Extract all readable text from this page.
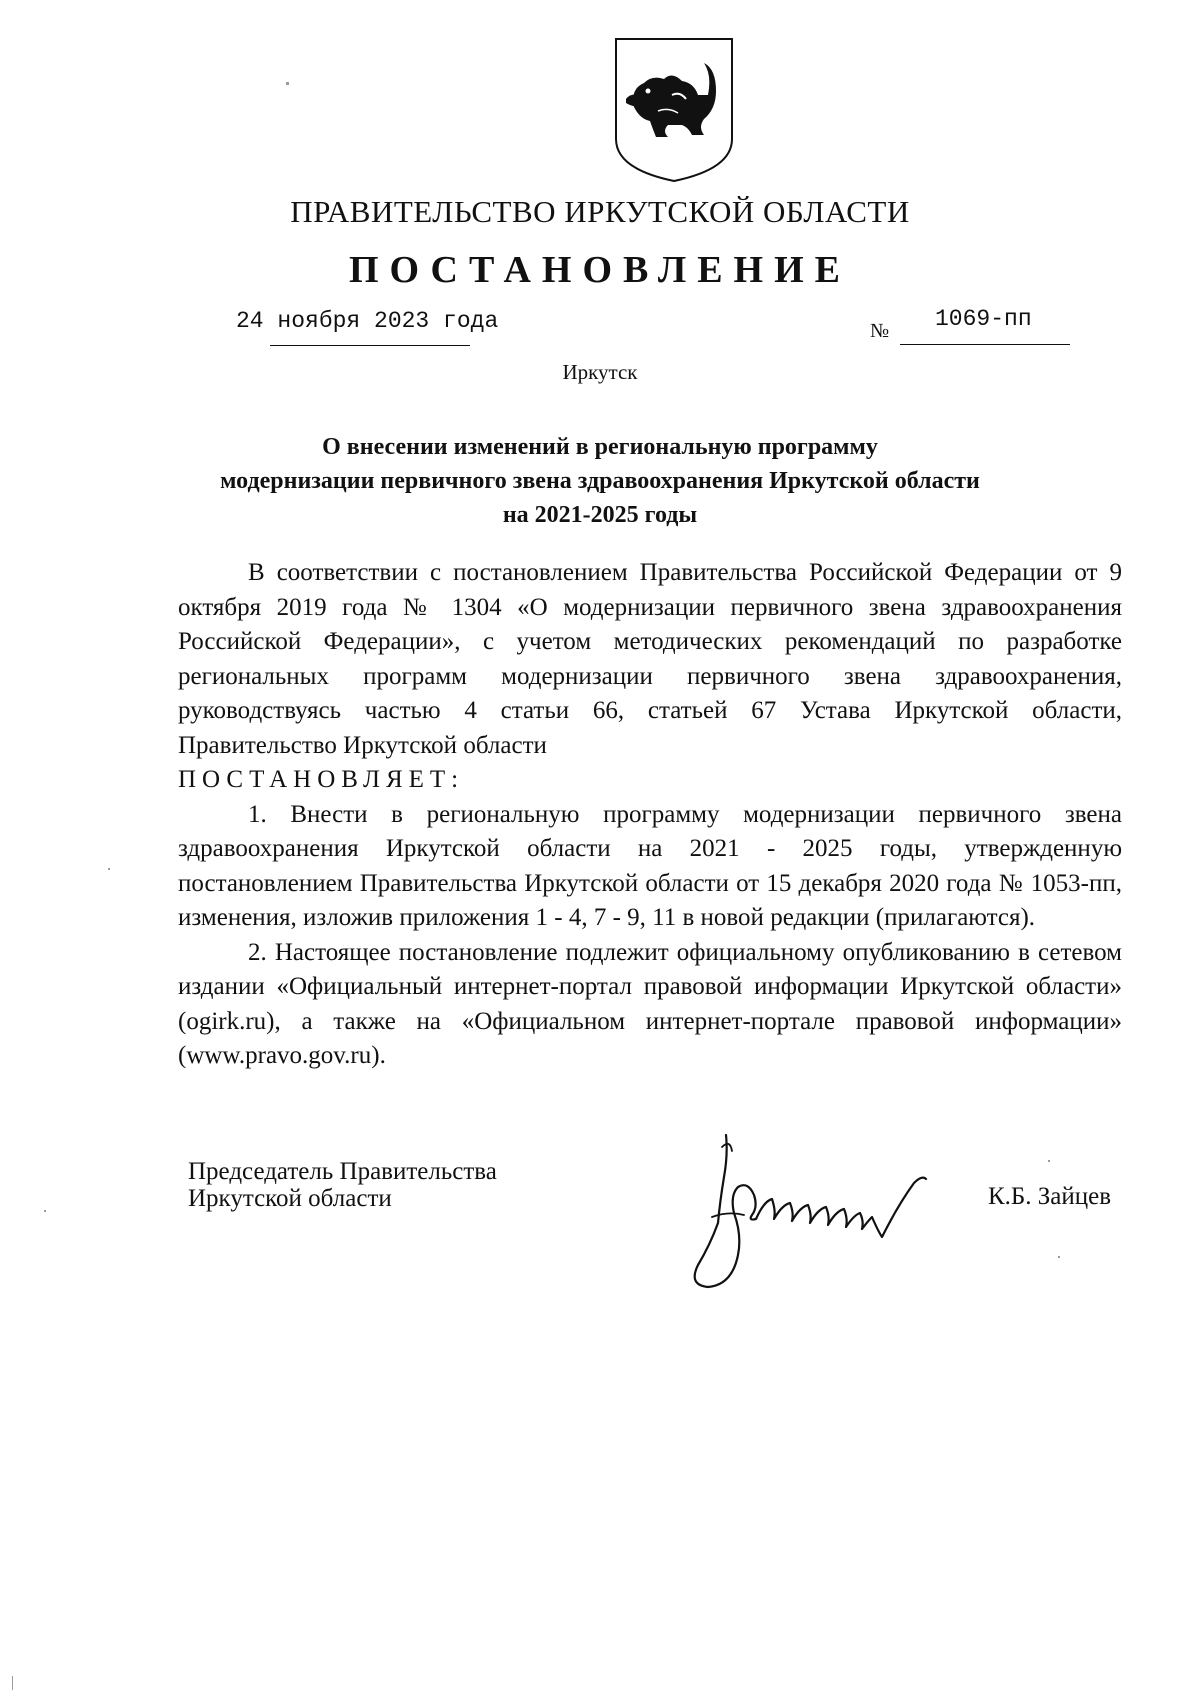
ПРАВИТЕЛЬСТВО ИРКУТСКОЙ ОБЛАСТИ
ПОСТАНОВЛЕНИЕ
24 ноября 2023 года	№ 1069-пп
Иркутск
О внесении изменений в региональную программу
модернизации первичного звена здравоохранения Иркутской области
на 2021-2025 годы

В соответствии с постановлением Правительства Российской Федерации от 9 октября 2019 года № 1304 «О модернизации первичного звена здравоохранения Российской Федерации», с учетом методических рекомендаций по разработке региональных программ модернизации первичного звена здравоохранения, руководствуясь частью 4 статьи 66, статьей 67 Устава Иркутской области, Правительство Иркутской области

ПОСТАНОВЛЯЕТ:

1. Внести в региональную программу модернизации первичного звена здравоохранения Иркутской области на 2021 - 2025 годы, утвержденную постановлением Правительства Иркутской области от 15 декабря 2020 года № 1053-пп, изменения, изложив приложения 1 - 4, 7 - 9, 11 в новой редакции (прилагаются).

2. Настоящее постановление подлежит официальному опубликованию в сетевом издании «Официальный интернет-портал правовой информации Иркутской области» (ogirk.ru), а также на «Официальном интернет-портале правовой информации» (www.pravo.gov.ru).

Председатель Правительства
Иркутской области	К.Б. Зайцев
